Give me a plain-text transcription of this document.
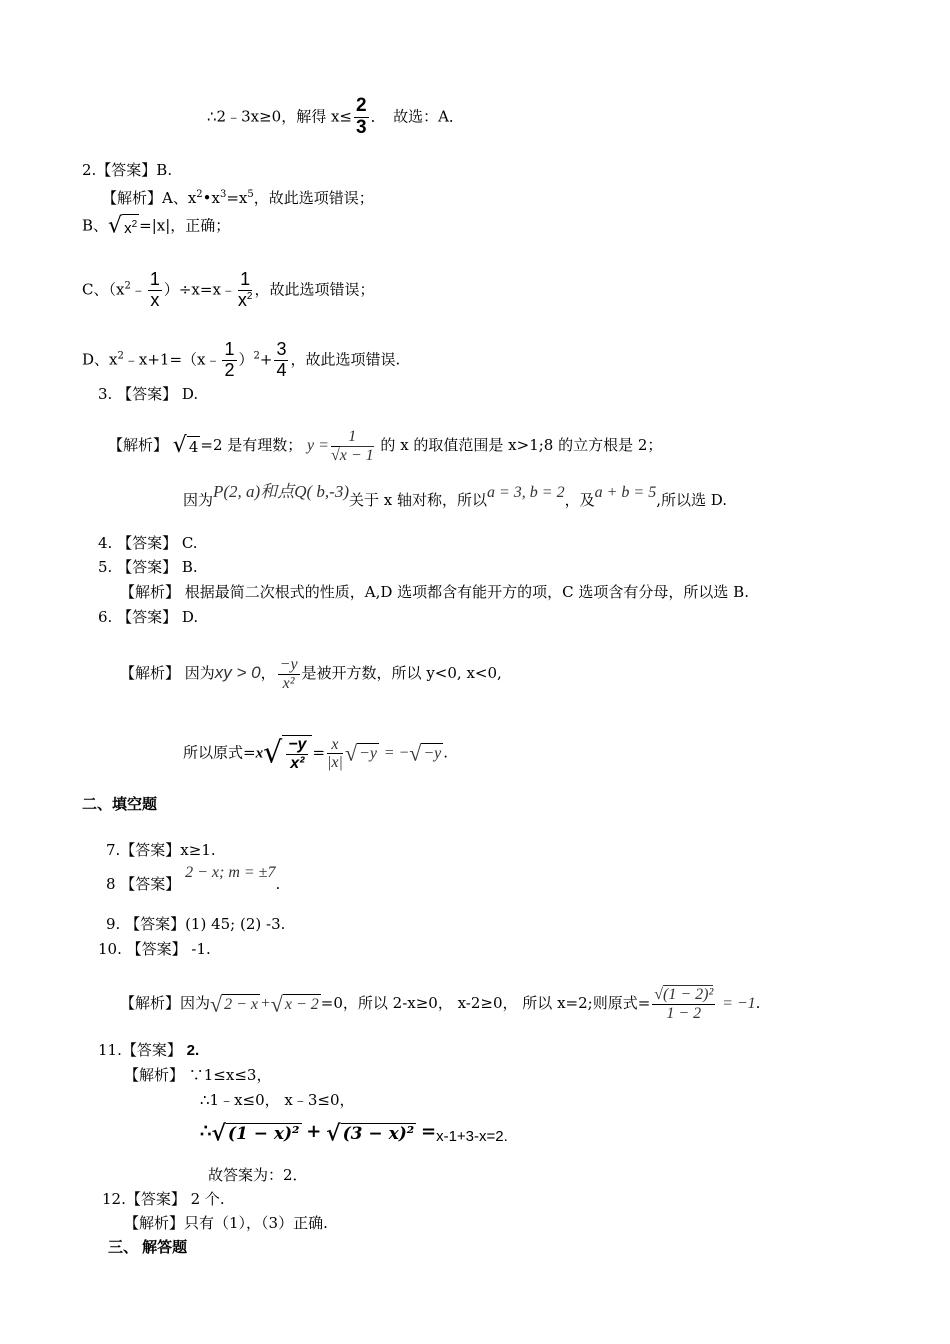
∴2﹣3x≥0，解得 $x\le \frac{2}{3}$ ．　故选：A．
2.【答案】B.
【解析】A、$x^2•x^3=x^5$，故此选项错误；
B、√ $x^2 =|x|$，正确；
C、（$x^2﹣ \frac{1}{x}$ ）÷x=x﹣ $\frac{1}{x^2}$ ，故此选项错误；
D、$x^2﹣x+1=(x﹣ \frac{1}{2} )^2+ \frac{3}{4}$ ，故此选项错误.
3. 【答案】 D.
【解析】 √ 4 =2 是有理数； $y = \frac{1}{√x - 1}$ 的 x 的取值范围是 x>1;8 的立方根是 2；
因为P(2, a)和点Q( b,-3)关于 x 轴对称，所以a = 3, b = 2，及a + b = 5,所以选 D.
4. 【答案】 C.
5. 【答案】 B.
【解析】 根据最简二次根式的性质，A,D 选项都含有能开方的项，C 选项含有分母，所以选 B.
6. 【答案】 D.
【解析】 因为xy > 0， $\frac{-y}{\text{x²}}$ 是被开方数，所以 y<0, x<0,
所以原式$=x√ \frac{-y}{\text{x²}} = \frac{x}{|x|}$ √ −y = −√ −y .
二、填空题
7.【答案】x≥1.
8 【答案】 2 − x; m = ±7.
9. 【答案】(1) 45; (2) -3.
10. 【答案】 -1.
【解析】因为√ 2 − x +√ x − 2 =0，所以 2-x≥0， x-2≥0， 所以 x=2;则原式= $\frac{\text{√(1 − 2)²}}{1 - 2} = -1$.
11.【答案】 2.
【解析】 ∵1≤x≤3，
∴1﹣x≤0， x﹣3≤0，
∴√ (1 − x)² + √ (3 − x)² =x-1+3-x=2.
故答案为：2．
12.【答案】 2 个.
【解析】只有（1），（3）正确.
三、 解答题
